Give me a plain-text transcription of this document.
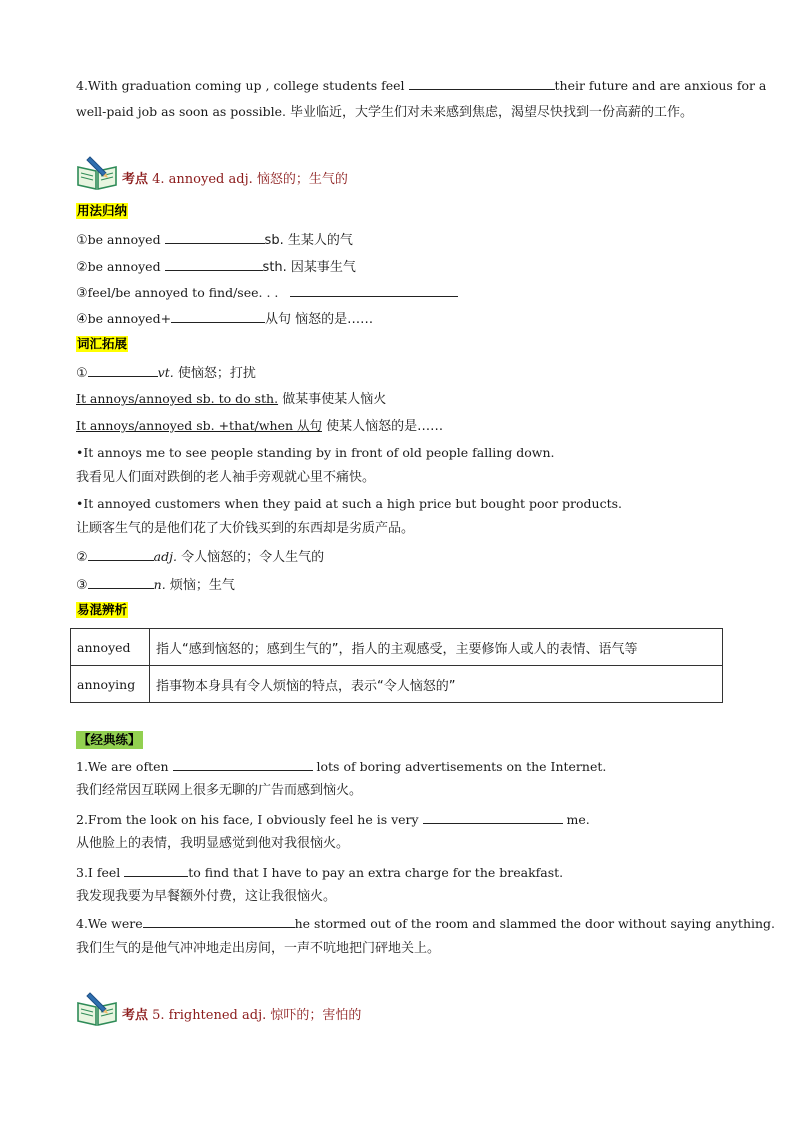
4.With graduation coming up , college students feel	their future and are anxious for a
well-paid job as soon as possible. 毕业临近，大学生们对未来感到焦虑，渴望尽快找到一份高薪的工作。
考点 4. annoyed adj. 恼怒的；生气的
用法归纳
①be annoyed	sb. 生某人的气
②be annoyed	sth. 因某事生气
③feel/be annoyed to find/see. . .
④be annoyed+	从句 恼怒的是……
词汇拓展
①	vt. 使恼怒；打扰
It annoys/annoyed sb. to do sth. 做某事使某人恼火
It annoys/annoyed sb. +that/when 从句 使某人恼怒的是……
•It annoys me to see people standing by in front of old people falling down.
我看见人们面对跌倒的老人袖手旁观就心里不痛快。
•It annoyed customers when they paid at such a high price but bought poor products.
让顾客生气的是他们花了大价钱买到的东西却是劣质产品。
②	adj. 令人恼怒的；令人生气的
③	n. 烦恼；生气
易混辨析
annoyed	指人“感到恼怒的；感到生气的”，指人的主观感受，主要修饰人或人的表情、语气等
annoying	指事物本身具有令人烦恼的特点，表示“令人恼怒的”
【经典练】
1.We are often	lots of boring advertisements on the Internet.
我们经常因互联网上很多无聊的广告而感到恼火。
2.From the look on his face, I obviously feel he is very	me.
从他脸上的表情，我明显感觉到他对我很恼火。
3.I feel	to find that I have to pay an extra charge for the breakfast.
我发现我要为早餐额外付费，这让我很恼火。
4.We were	he stormed out of the room and slammed the door without saying anything.
我们生气的是他气冲冲地走出房间，一声不吭地把门砰地关上。
考点 5. frightened adj. 惊吓的；害怕的
